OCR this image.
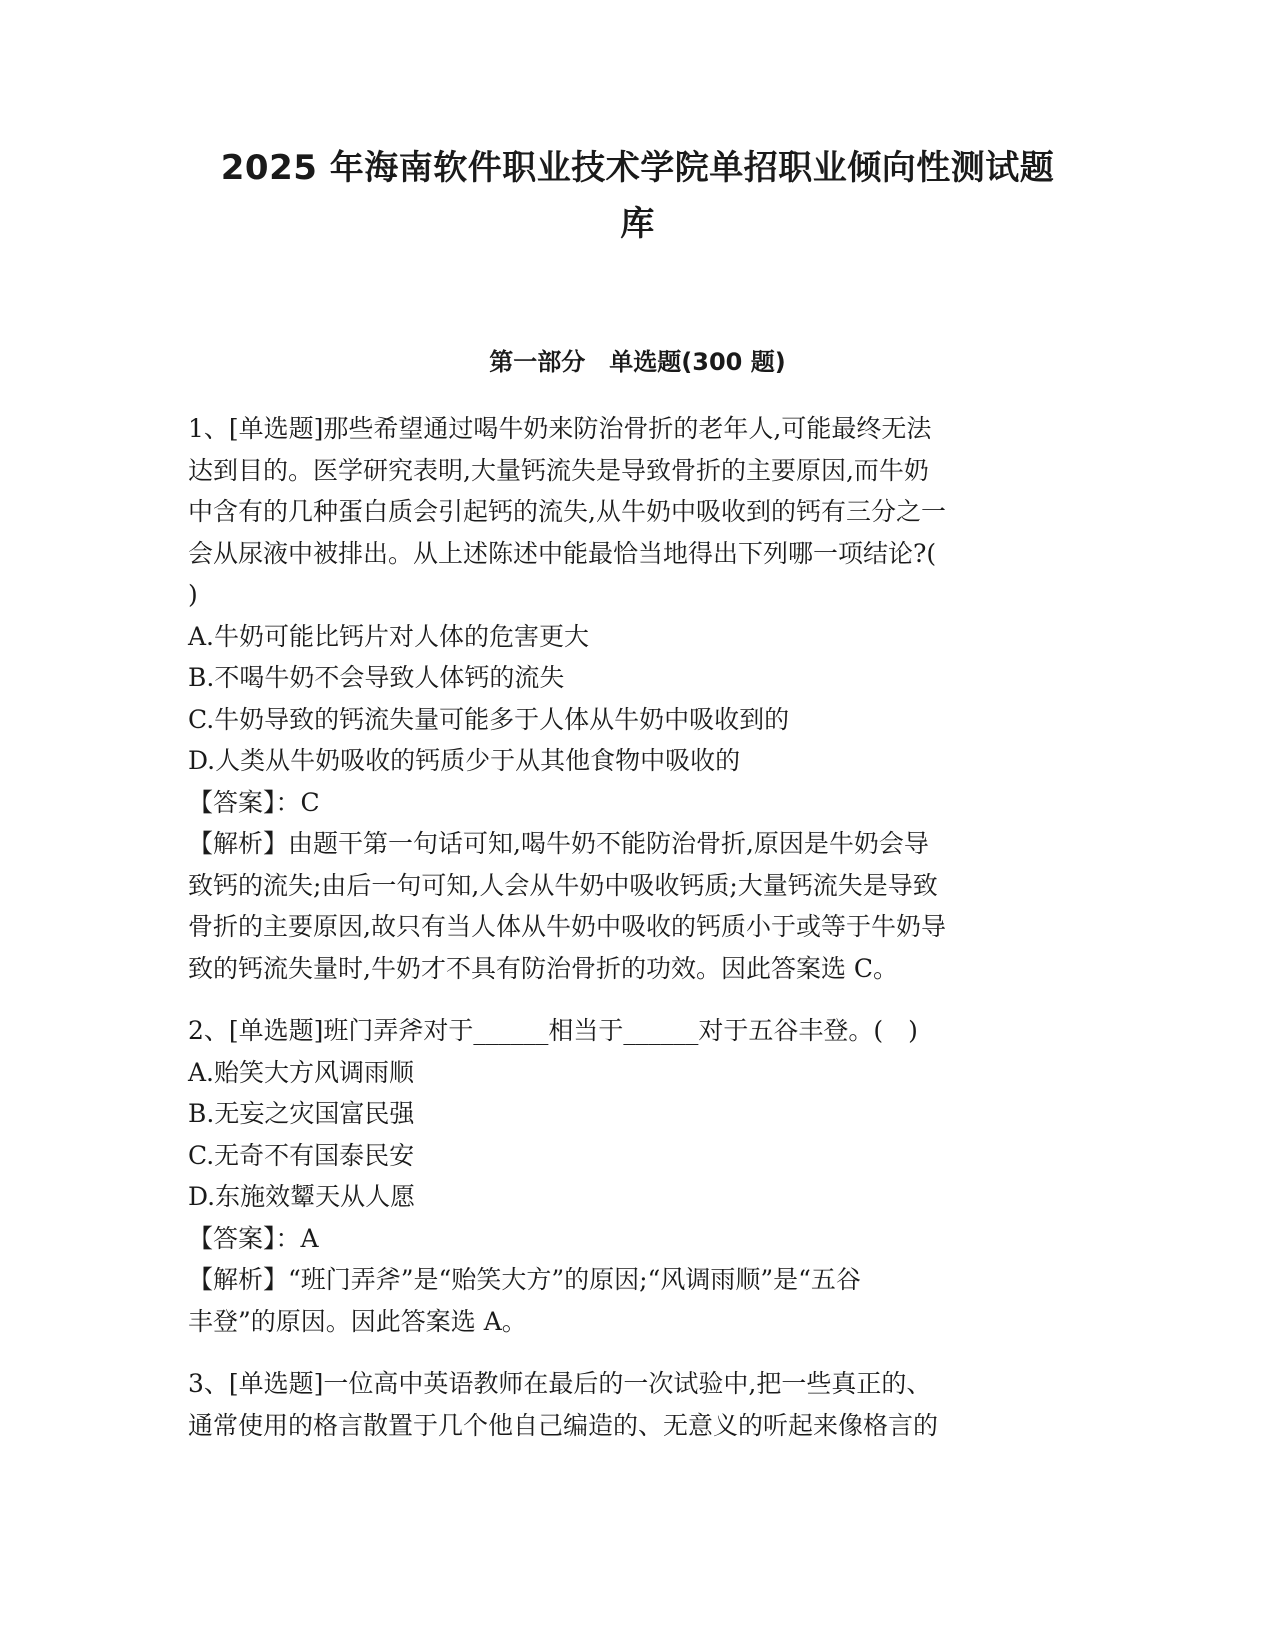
2025 年海南软件职业技术学院单招职业倾向性测试题
库
第一部分　单选题(300 题)
1、[单选题]那些希望通过喝牛奶来防治骨折的老年人,可能最终无法
达到目的。医学研究表明,大量钙流失是导致骨折的主要原因,而牛奶
中含有的几种蛋白质会引起钙的流失,从牛奶中吸收到的钙有三分之一
会从尿液中被排出。从上述陈述中能最恰当地得出下列哪一项结论?(
)
A.牛奶可能比钙片对人体的危害更大
B.不喝牛奶不会导致人体钙的流失
C.牛奶导致的钙流失量可能多于人体从牛奶中吸收到的
D.人类从牛奶吸收的钙质少于从其他食物中吸收的
【答案】：C
【解析】由题干第一句话可知,喝牛奶不能防治骨折,原因是牛奶会导
致钙的流失;由后一句可知,人会从牛奶中吸收钙质;大量钙流失是导致
骨折的主要原因,故只有当人体从牛奶中吸收的钙质小于或等于牛奶导
致的钙流失量时,牛奶才不具有防治骨折的功效。因此答案选 C。
2、[单选题]班门弄斧对于______相当于______对于五谷丰登。(　)
A.贻笑大方风调雨顺
B.无妄之灾国富民强
C.无奇不有国泰民安
D.东施效颦天从人愿
【答案】：A
【解析】“班门弄斧”是“贻笑大方”的原因;“风调雨顺”是“五谷
丰登”的原因。因此答案选 A。
3、[单选题]一位高中英语教师在最后的一次试验中,把一些真正的、
通常使用的格言散置于几个他自己编造的、无意义的听起来像格言的
